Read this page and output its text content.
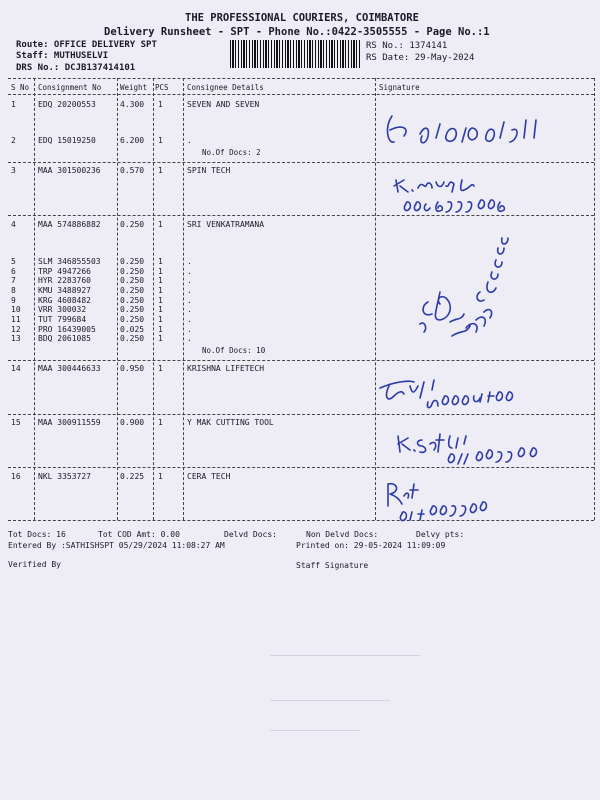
THE PROFESSIONAL COURIERS, COIMBATORE
Delivery Runsheet - SPT - Phone No.:0422-3505555 - Page No.:1
Route: OFFICE DELIVERY SPT
Staff: MUTHUSELVI
DRS No.: DCJB137414101
RS No.: 1374141
RS Date: 29-May-2024
S No Consignment No	Weight PCS Consignee Details	Signature
1	EDQ 20200553	4.300 1	SEVEN AND SEVEN
2	EDQ 15019250	6.200 1	.
No.Of Docs: 2
3	MAA 301500236 0.570 1	SPIN TECH
4	MAA 574886882 0.250 1	SRI VENKATRAMANA
5	SLM 346855503 0.250 1	.
6	TRP 4947266	0.250 1	.
7	HYR 2283760	0.250 1	.
8	KMU 3488927	0.250 1	.
9	KRG 4608482	0.250 1	.
10 VRR 300032	0.250 1	.
11 TUT 799684	0.250 1	.
12 PRO 16439005	0.025 1	.
13 BDQ 2061085	0.250 1	.
No.Of Docs: 10
14 MAA 300446633 0.950 1	KRISHNA LIFETECH
15 MAA 300911559 0.900 1	Y MAK CUTTING TOOL
16 NKL 3353727	0.225 1	CERA TECH
Tot Docs: 16	Tot COD Amt: 0.00	Delvd Docs:	Non Delvd Docs:	Delvy pts:
Entered By :SATHISHSPT 05/29/2024 11:08:27 AM	Printed on: 29-05-2024 11:09:09
Verified By	Staff Signature
